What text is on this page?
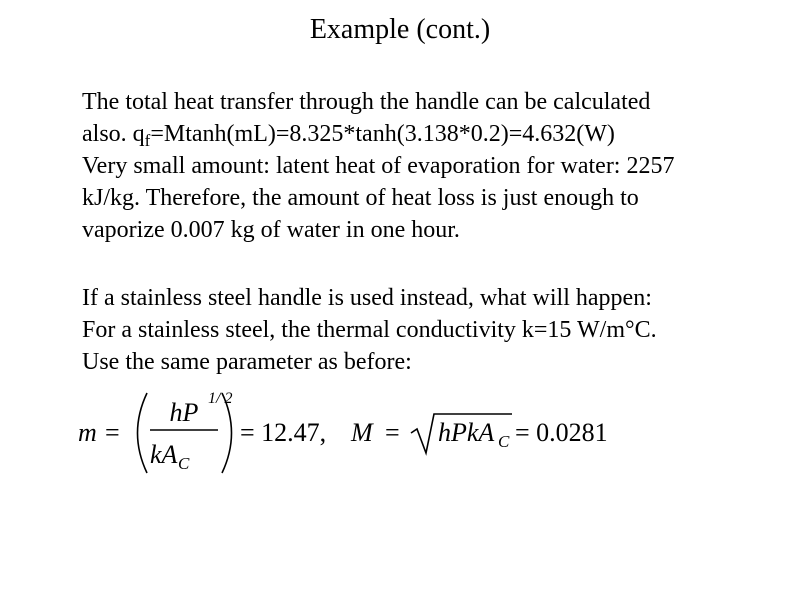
Example (cont.)
The total heat transfer through the handle can be calculated
also. $q_f=Mtanh(mL)=8.325*\tanh(3.138*0.2)=4.632(W)$
Very small amount: latent heat of evaporation for water: 2257
kJ/kg. Therefore, the amount of heat loss is just enough to
vaporize 0.007 kg of water in one hour.
If a stainless steel handle is used instead, what will happen:
For a stainless steel, the thermal conductivity k=15 W/m°C.
Use the same parameter as before:
m =
hP
kA C
1/ 2
= 12.47, M = hPkA C = 0.0281
